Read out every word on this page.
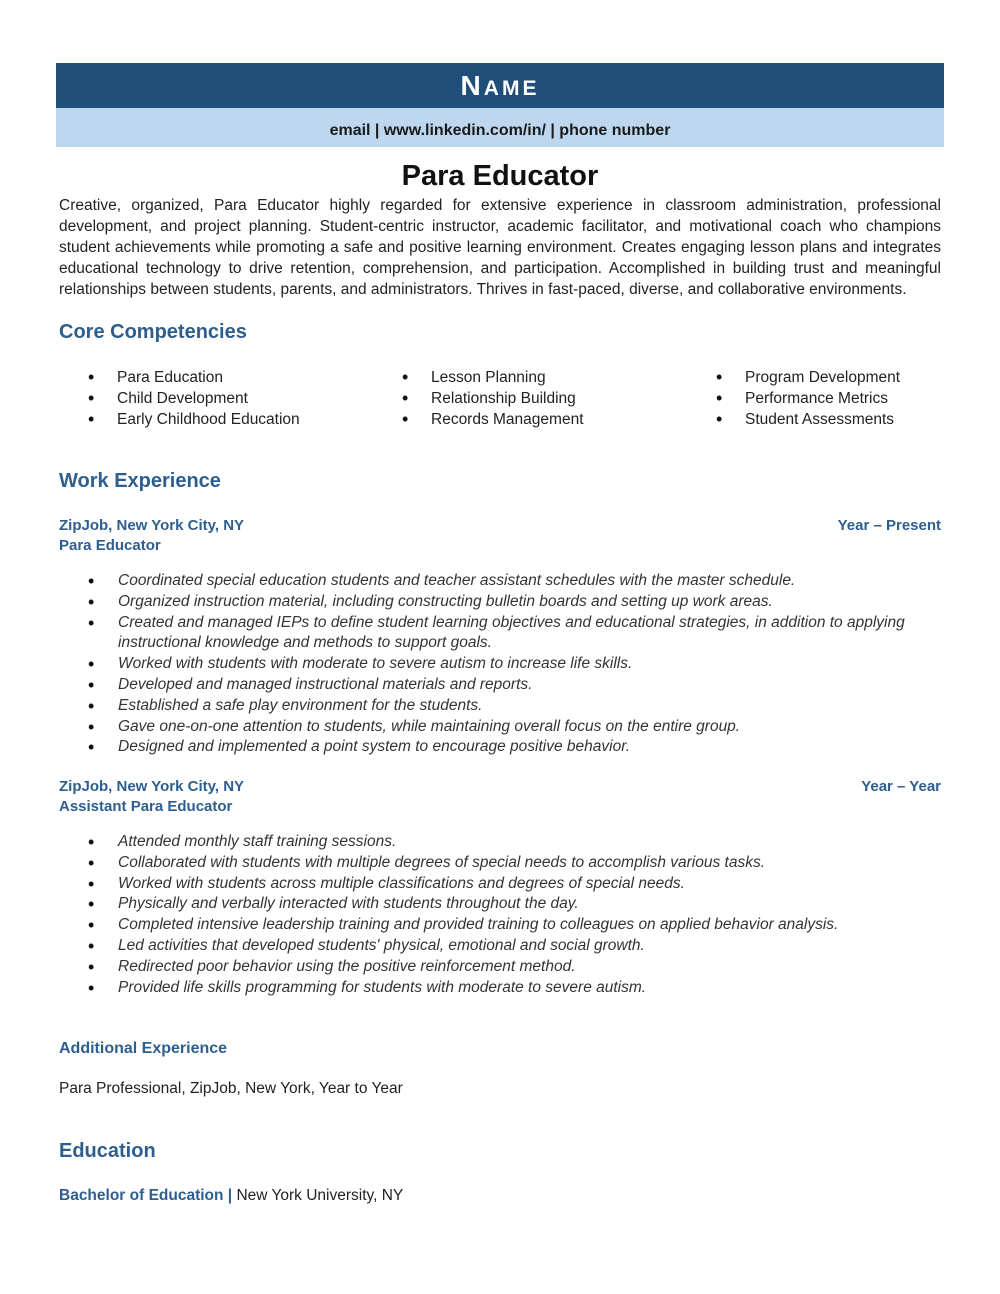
NAME
email | www.linkedin.com/in/ | phone number
Para Educator

Creative, organized, Para Educator highly regarded for extensive experience in classroom administration, professional development, and project planning. Student-centric instructor, academic facilitator, and motivational coach who champions student achievements while promoting a safe and positive learning environment. Creates engaging lesson plans and integrates educational technology to drive retention, comprehension, and participation. Accomplished in building trust and meaningful relationships between students, parents, and administrators. Thrives in fast-paced, diverse, and collaborative environments.

Core Competencies
• Para Education
• Child Development
• Early Childhood Education
• Lesson Planning
• Relationship Building
• Records Management
• Program Development
• Performance Metrics
• Student Assessments
Work Experience
ZipJob, New York City, NY	Year – Present
Para Educator
• Coordinated special education students and teacher assistant schedules with the master schedule.
• Organized instruction material, including constructing bulletin boards and setting up work areas.
• Created and managed IEPs to define student learning objectives and educational strategies, in addition to applying instructional knowledge and methods to support goals.
• Worked with students with moderate to severe autism to increase life skills.
• Developed and managed instructional materials and reports.
• Established a safe play environment for the students.
• Gave one-on-one attention to students, while maintaining overall focus on the entire group.
• Designed and implemented a point system to encourage positive behavior.
ZipJob, New York City, NY	Year – Year
Assistant Para Educator
• Attended monthly staff training sessions.
• Collaborated with students with multiple degrees of special needs to accomplish various tasks.
• Worked with students across multiple classifications and degrees of special needs.
• Physically and verbally interacted with students throughout the day.
• Completed intensive leadership training and provided training to colleagues on applied behavior analysis.
• Led activities that developed students' physical, emotional and social growth.
• Redirected poor behavior using the positive reinforcement method.
• Provided life skills programming for students with moderate to severe autism.
Additional Experience
Para Professional, ZipJob, New York, Year to Year
Education
Bachelor of Education | New York University, NY
